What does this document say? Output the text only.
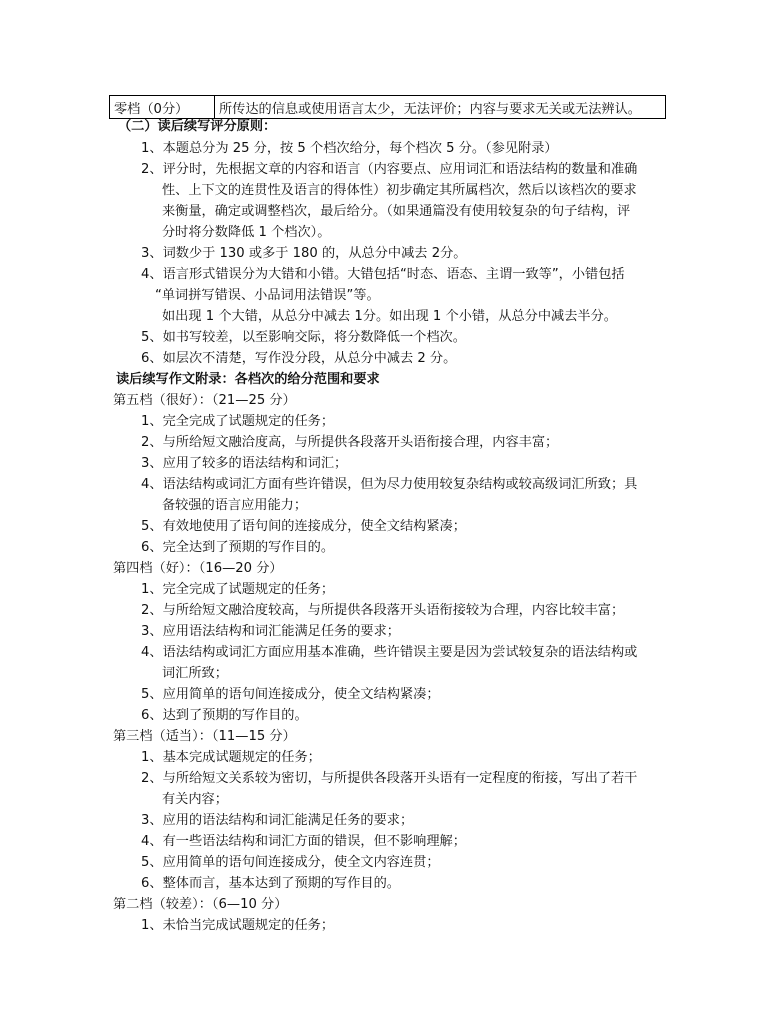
零档（0分）	所传达的信息或使用语言太少，无法评价；内容与要求无关或无法辨认。
（二）读后续写评分原则：
1、本题总分为 25 分，按 5 个档次给分，每个档次 5 分。（参见附录）
2、评分时，先根据文章的内容和语言（内容要点、应用词汇和语法结构的数量和准确
性、上下文的连贯性及语言的得体性）初步确定其所属档次，然后以该档次的要求
来衡量，确定或调整档次，最后给分。（如果通篇没有使用较复杂的句子结构，评
分时将分数降低 1 个档次）。
3、词数少于 130 或多于 180 的，从总分中减去 2分。
4、语言形式错误分为大错和小错。大错包括“时态、语态、主谓一致等”，小错包括
“单词拼写错误、小品词用法错误”等。
如出现 1 个大错，从总分中减去 1分。如出现 1 个小错，从总分中减去半分。
5、如书写较差，以至影响交际，将分数降低一个档次。
6、如层次不清楚，写作没分段，从总分中减去 2 分。
读后续写作文附录：各档次的给分范围和要求
第五档（很好）：（21—25 分）
1、完全完成了试题规定的任务；
2、与所给短文融洽度高，与所提供各段落开头语衔接合理，内容丰富；
3、应用了较多的语法结构和词汇；
4、语法结构或词汇方面有些许错误，但为尽力使用较复杂结构或较高级词汇所致；具
备较强的语言应用能力；
5、有效地使用了语句间的连接成分，使全文结构紧凑；
6、完全达到了预期的写作目的。
第四档（好）：（16—20 分）
1、完全完成了试题规定的任务；
2、与所给短文融洽度较高，与所提供各段落开头语衔接较为合理，内容比较丰富；
3、应用语法结构和词汇能满足任务的要求；
4、语法结构或词汇方面应用基本准确，些许错误主要是因为尝试较复杂的语法结构或
词汇所致；
5、应用简单的语句间连接成分，使全文结构紧凑；
6、达到了预期的写作目的。
第三档（适当）：（11—15 分）
1、基本完成试题规定的任务；
2、与所给短文关系较为密切，与所提供各段落开头语有一定程度的衔接，写出了若干
有关内容；
3、应用的语法结构和词汇能满足任务的要求；
4、有一些语法结构和词汇方面的错误，但不影响理解；
5、应用简单的语句间连接成分，使全文内容连贯；
6、整体而言，基本达到了预期的写作目的。
第二档（较差）：（6—10 分）
1、未恰当完成试题规定的任务；
